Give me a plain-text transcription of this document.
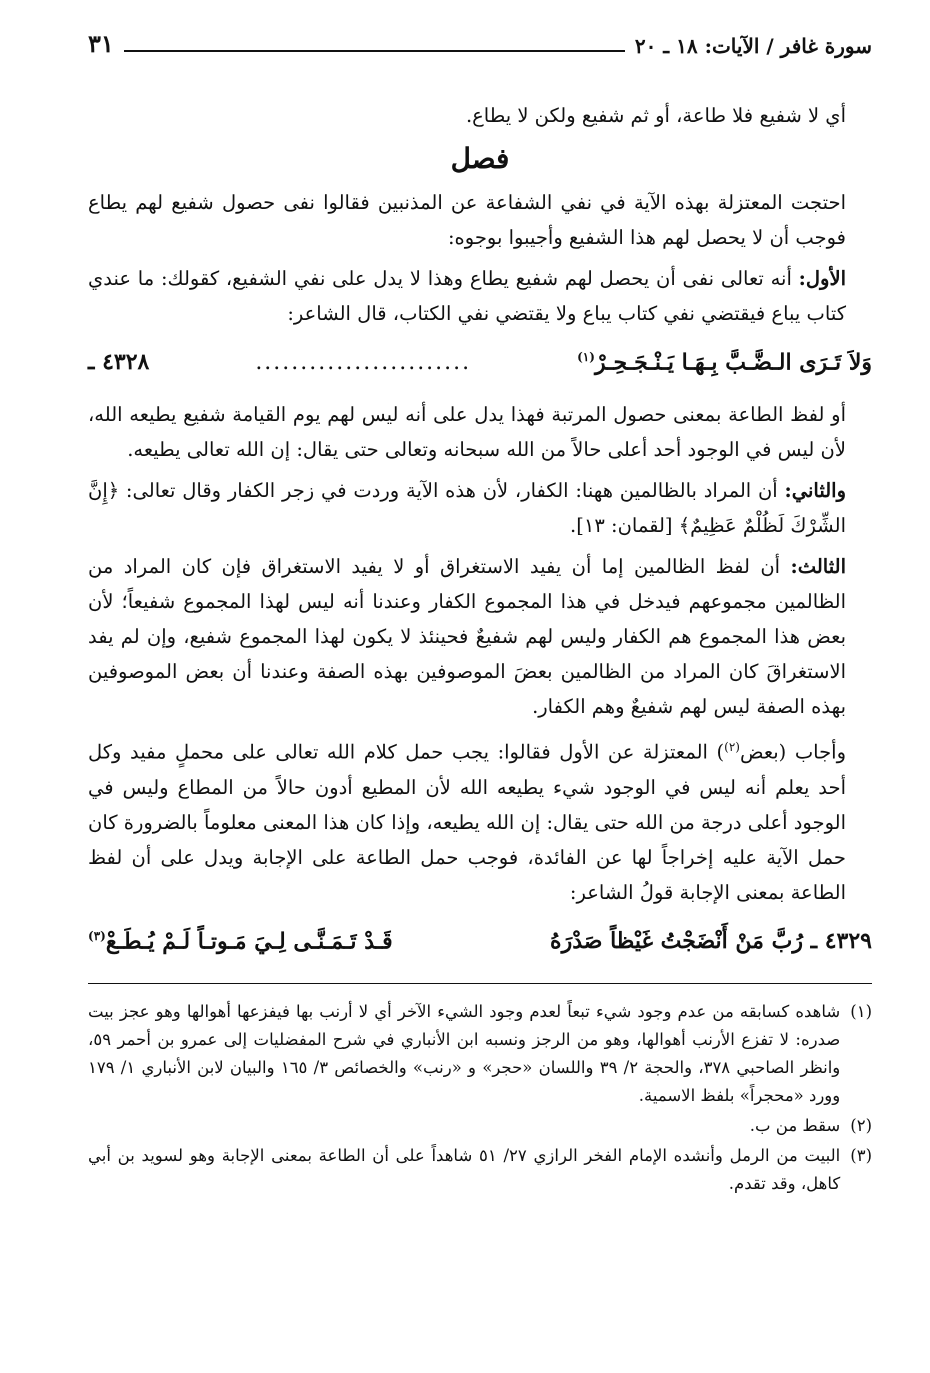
سورة غافر / الآيات: ١٨ ـ ٢٠
٣١

أي لا شفيع فلا طاعة، أو ثم شفيع ولكن لا يطاع.

فصل

احتجت المعتزلة بهذه الآية في نفي الشفاعة عن المذنبين فقالوا نفى حصول شفيع لهم يطاع فوجب أن لا يحصل لهم هذا الشفيع وأجيبوا بوجوه:

الأول: أنه تعالى نفى أن يحصل لهم شفيع يطاع وهذا لا يدل على نفي الشفيع، كقولك: ما عندي كتاب يباع فيقتضي نفي كتاب يباع ولا يقتضي نفي الكتاب، قال الشاعر:

وَلاَ تَـرَى الـضَّـبَّ بِـهَـا يَـنْـجَـحِـرْ$^{(١)}$
........................
٤٣٢٨ ـ

أو لفظ الطاعة بمعنى حصول المرتبة فهذا يدل على أنه ليس لهم يوم القيامة شفيع يطيعه الله، لأن ليس في الوجود أحد أعلى حالاً من الله سبحانه وتعالى حتى يقال: إن الله تعالى يطيعه.

والثاني: أن المراد بالظالمين ههنا: الكفار، لأن هذه الآية وردت في زجر الكفار وقال تعالى: ﴿إِنَّ الشِّرْكَ لَظُلْمٌ عَظِيمٌ﴾ [لقمان: ١٣].

الثالث: أن لفظ الظالمين إما أن يفيد الاستغراق أو لا يفيد الاستغراق فإن كان المراد من الظالمين مجموعهم فيدخل في هذا المجموع الكفار وعندنا أنه ليس لهذا المجموع شفيعاً؛ لأن بعض هذا المجموع هم الكفار وليس لهم شفيعٌ فحينئذ لا يكون لهذا المجموع شفيع، وإن لم يفد الاستغراقَ كان المراد من الظالمين بعضَ الموصوفين بهذه الصفة وعندنا أن بعض الموصوفين بهذه الصفة ليس لهم شفيعٌ وهم الكفار.

وأجاب (بعض$^{(٢)}$) المعتزلة عن الأول فقالوا: يجب حمل كلام الله تعالى على محملٍ مفيد وكل أحد يعلم أنه ليس في الوجود شيء يطيعه الله لأن المطيع أدون حالاً من المطاع وليس في الوجود أعلى درجة من الله حتى يقال: إن الله يطيعه، وإذا كان هذا المعنى معلوماً بالضرورة كان حمل الآية عليه إخراجاً لها عن الفائدة، فوجب حمل الطاعة على الإجابة ويدل على أن لفظ الطاعة بمعنى الإجابة قولُ الشاعر:

٤٣٢٩ ـ رُبَّ مَنْ أَنْضَجْتُ غَيْظاً صَدْرَهُ
قَـدْ تَـمَـنَّـى لِـيَ مَـوتـاً لَـمْ يُـطَـعْ$^{(٣)}$
(١)
شاهده كسابقه من عدم وجود شيء تبعاً لعدم وجود الشيء الآخر أي لا أرنب بها فيفزعها أهوالها وهو عجز بيت صدره: لا تفزع الأرنب أهوالها، وهو من الرجز ونسبه ابن الأنباري في شرح المفضليات إلى عمرو بن أحمر ٥٩، وانظر الصاحبي ٣٧٨، والحجة ٢/ ٣٩ واللسان «حجر» و «رنب» والخصائص ٣/ ١٦٥ والبيان لابن الأنباري ١/ ١٧٩ وورد «محجراً» بلفظ الاسمية.
(٢)
سقط من ب.
(٣)
البيت من الرمل وأنشده الإمام الفخر الرازي ٢٧/ ٥١ شاهداً على أن الطاعة بمعنى الإجابة وهو لسويد بن أبي كاهل، وقد تقدم.
